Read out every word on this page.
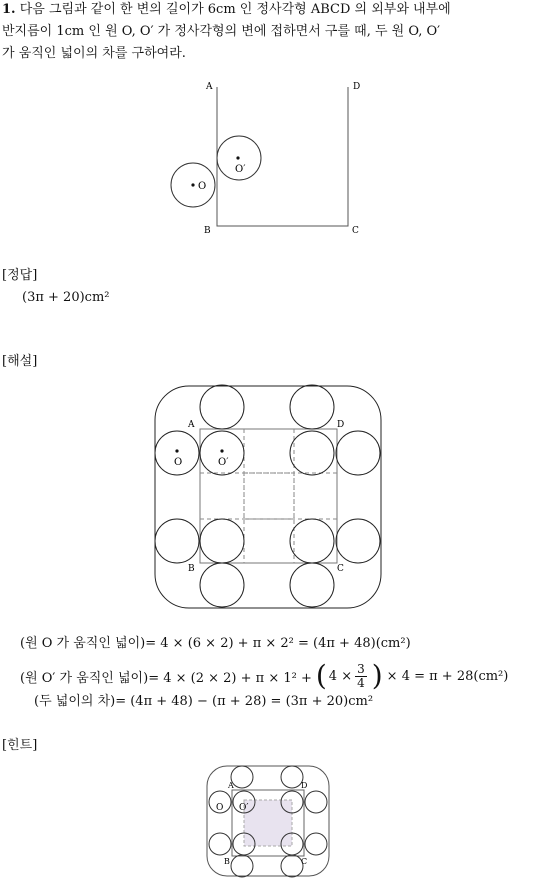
1. 다음 그림과 같이 한 변의 길이가 6cm 인 정사각형 ABCD 의 외부와 내부에
반지름이 1cm 인 원 O, O′ 가 정사각형의 변에 접하면서 구를 때, 두 원 O, O′
가 움직인 넓이의 차를 구하여라.
A	D
B	C
O′
O
[정답]
(3π + 20)cm²
[해설]
O	O′
A	D
B	C
(원 O 가 움직인 넓이)= 4 × (6 × 2) + π × 2² = (4π + 48)(cm²)
(원 O′ 가 움직인 넓이)= 4 × (2 × 2) + π × 1² + ( $4 \times \frac{3}{4}$ ) × 4 = π + 28(cm²)
(두 넓이의 차)= (4π + 48) − (π + 28) = (3π + 20)cm²
[힌트]
A	D
B	C
O O′
